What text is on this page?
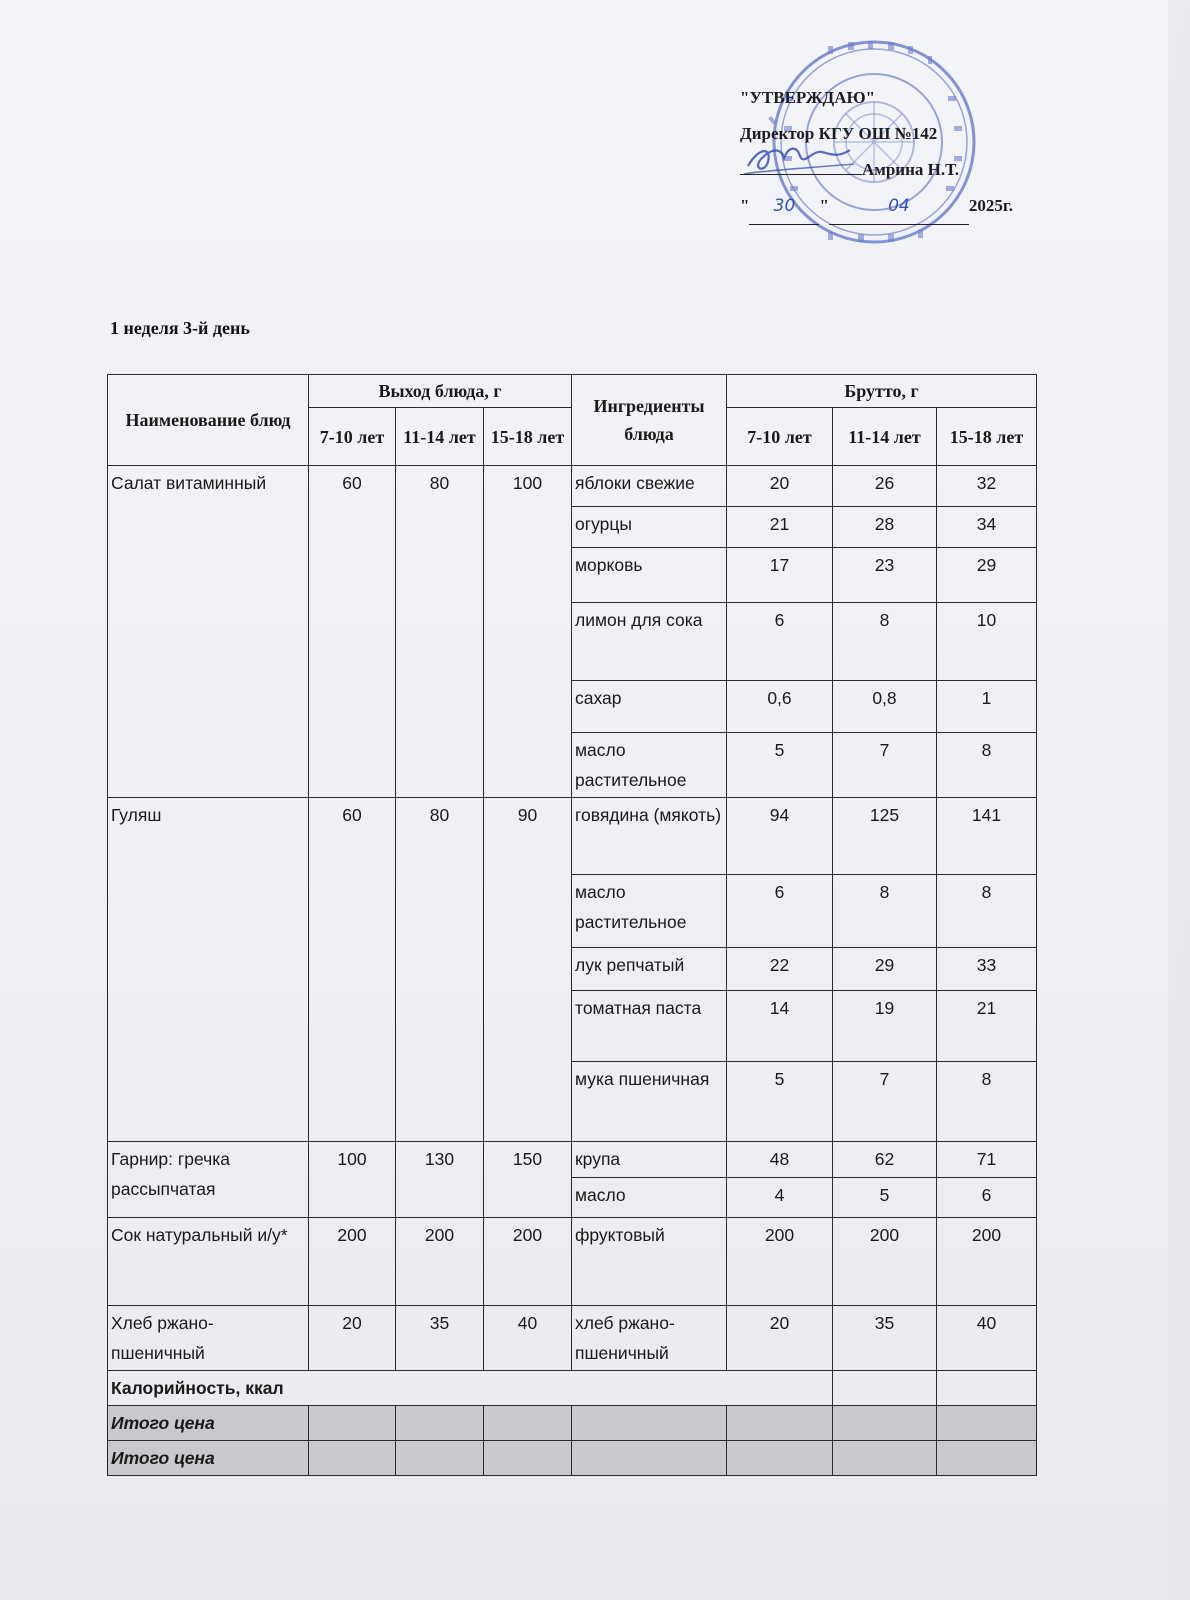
"УТВЕРЖДАЮ"
Директор КГУ ОШ №142
Амрина Н.Т.
" 30 "	04	2025г.
1 неделя 3-й день
Наименование блюд	Выход блюда, г			Ингредиенты блюда	Брутто, г		
	7-10 лет	11-14 лет	15-18 лет		7-10 лет	11-14 лет	15-18 лет
Салат витаминный	60	80	100	яблоки свежие	20	26	32
				огурцы	21	28	34
				морковь	17	23	29
				лимон для сока	6	8	10
				сахар	0,6	0,8	1
				масло растительное	5	7	8
Гуляш	60	80	90	говядина (мякоть)	94	125	141
				масло растительное	6	8	8
				лук репчатый	22	29	33
				томатная паста	14	19	21
				мука пшеничная	5	7	8
Гарнир: гречка рассыпчатая	100	130	150	крупа	48	62	71
				масло	4	5	6
Сок натуральный и/у*	200	200	200	фруктовый	200	200	200
Хлеб ржано-пшеничный	20	35	40	хлеб ржано-пшеничный	20	35	40
Калорийность, ккал							
Итого цена							
Итого цена							
